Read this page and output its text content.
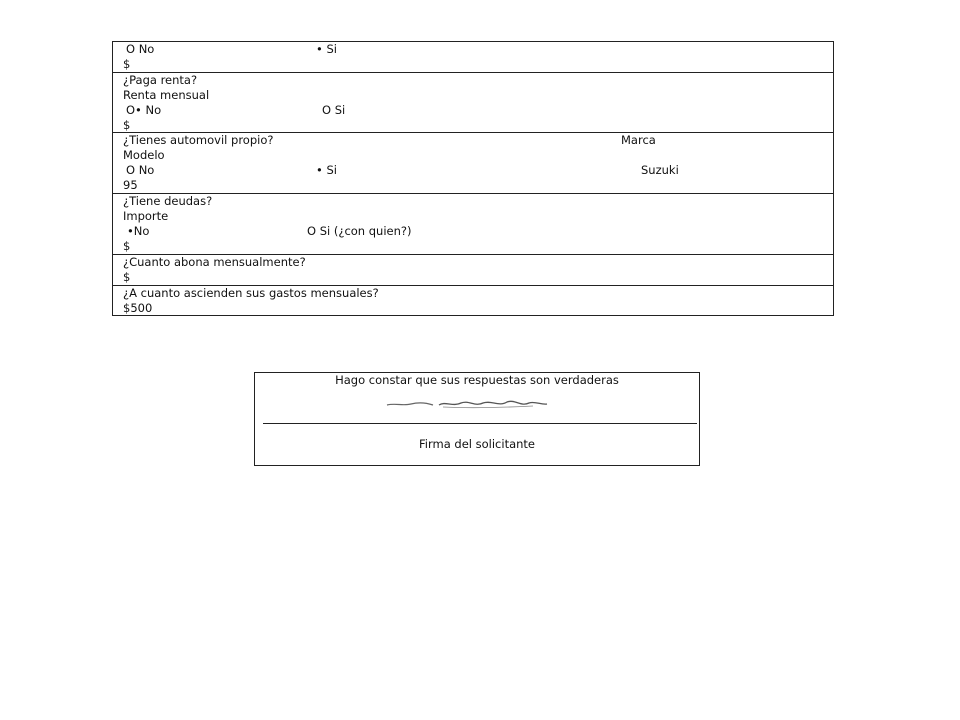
O No	• Si
$
¿Paga renta?
Renta mensual
O• No	O Si
$
¿Tienes automovil propio?	Marca
Modelo
O No	• Si	Suzuki
95
¿Tiene deudas?
Importe
•No	O Si (¿con quien?)
$
¿Cuanto abona mensualmente?
$
¿A cuanto ascienden sus gastos mensuales?
$500
Hago constar que sus respuestas son verdaderas
Firma del solicitante
